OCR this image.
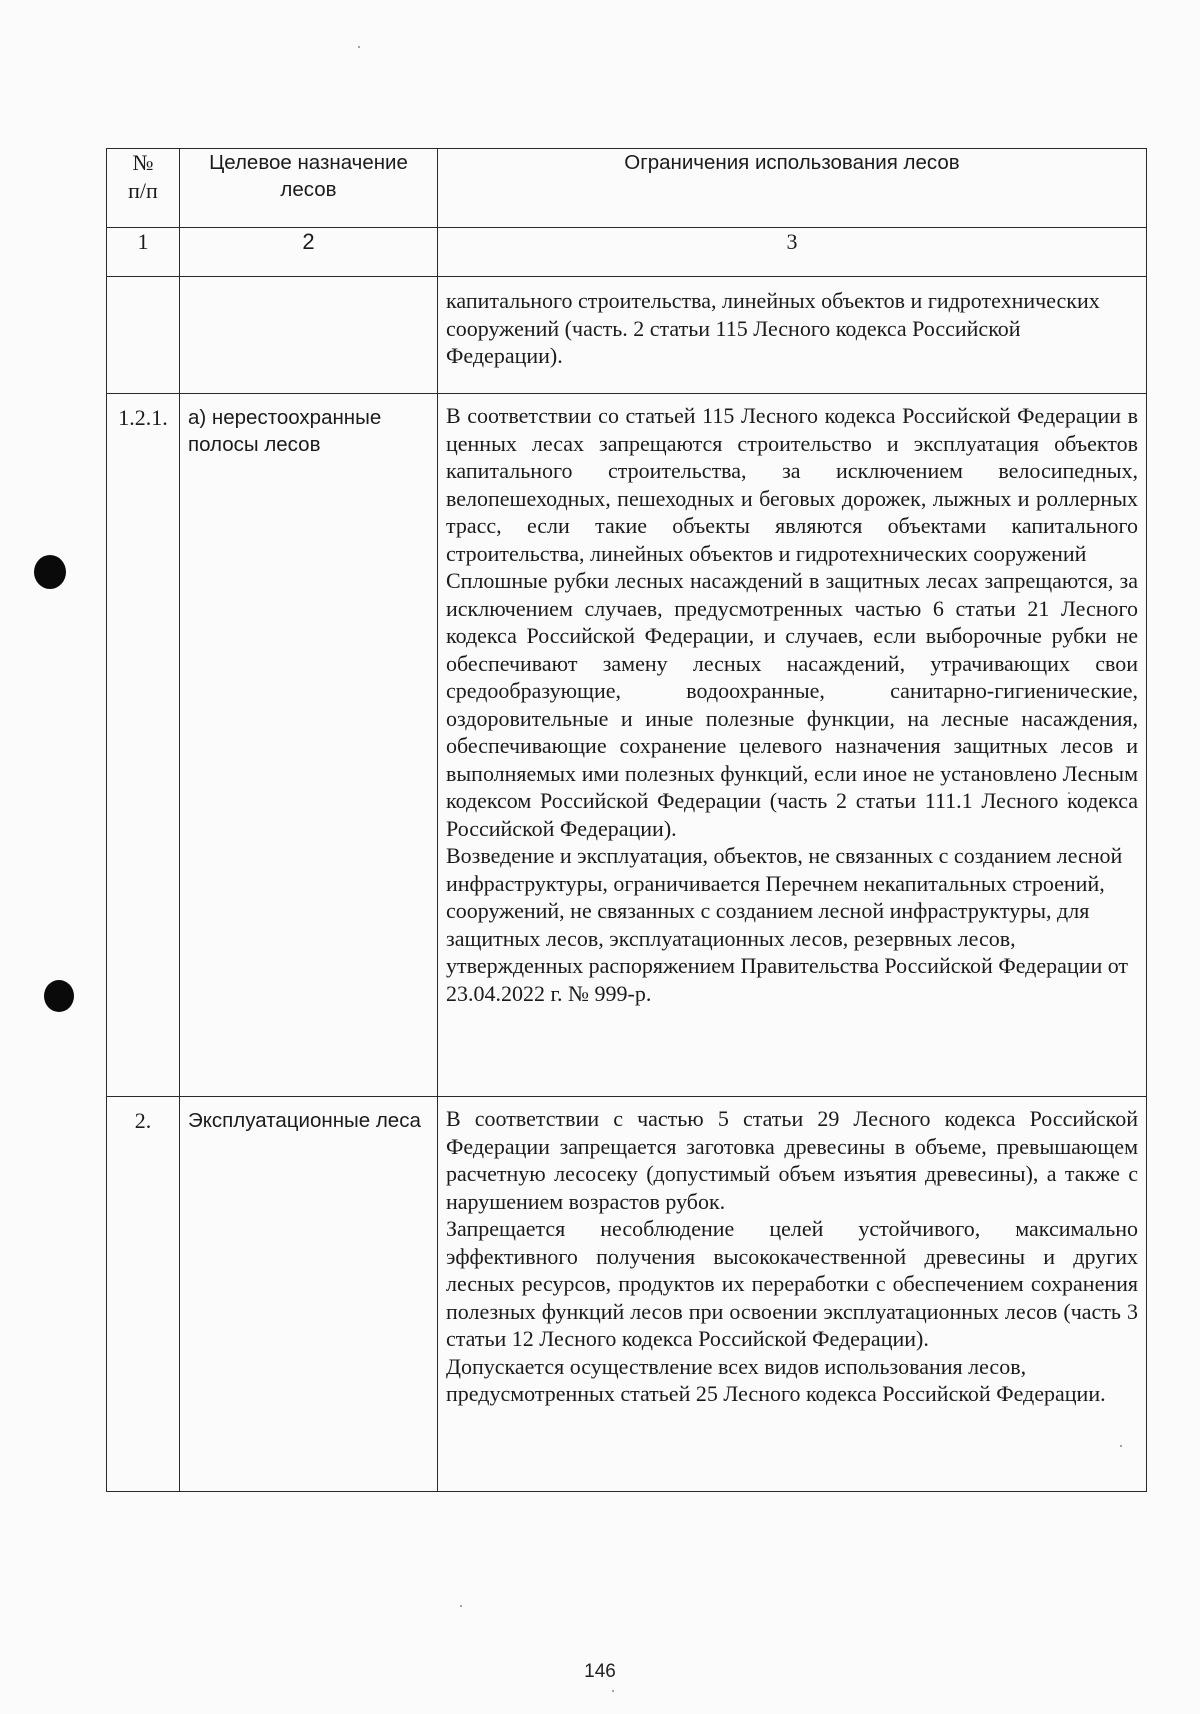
№
п/п	Целевое назначение лесов	Ограничения использования лесов
1	2	3

		капитального строительства, линейных объектов и гидротехнических сооружений (часть. 2 статьи 115 Лесного кодекса Российской Федерации).

1.2.1.	а) нерестоохранные полосы лесов	В соответствии со статьей 115 Лесного кодекса Российской Федерации в ценных лесах запрещаются строительство и эксплуатация объектов капитального строительства, за исключением велосипедных, велопешеходных, пешеходных и беговых дорожек, лыжных и роллерных трасс, если такие объекты являются объектами капитального строительства, линейных объектов и гидротехнических сооружений

Сплошные рубки лесных насаждений в защитных лесах запрещаются, за исключением случаев, предусмотренных частью 6 статьи 21 Лесного кодекса Российской Федерации, и случаев, если выборочные рубки не обеспечивают замену лесных насаждений, утрачивающих свои средообразующие, водоохранные, санитарно-гигиенические, оздоровительные и иные полезные функции, на лесные насаждения, обеспечивающие сохранение целевого назначения защитных лесов и выполняемых ими полезных функций, если иное не установлено Лесным кодексом Российской Федерации (часть 2 статьи 111.1 Лесного кодекса Российской Федерации).

Возведение и эксплуатация, объектов, не связанных с созданием лесной инфраструктуры, ограничивается Перечнем некапитальных строений, сооружений, не связанных с созданием лесной инфраструктуры, для защитных лесов, эксплуатационных лесов, резервных лесов, утвержденных распоряжением Правительства Российской Федерации от 23.04.2022 г. № 999-р.

2.	Эксплуатационные леса	В соответствии с частью 5 статьи 29 Лесного кодекса Российской Федерации запрещается заготовка древесины в объеме, превышающем расчетную лесосеку (допустимый объем изъятия древесины), а также с нарушением возрастов рубок.

Запрещается несоблюдение целей устойчивого, максимально эффективного получения высококачественной древесины и других лесных ресурсов, продуктов их переработки с обеспечением сохранения полезных функций лесов при освоении эксплуатационных лесов (часть 3 статьи 12 Лесного кодекса Российской Федерации).

Допускается осуществление всех видов использования лесов, предусмотренных статьей 25 Лесного кодекса Российской Федерации.

146
